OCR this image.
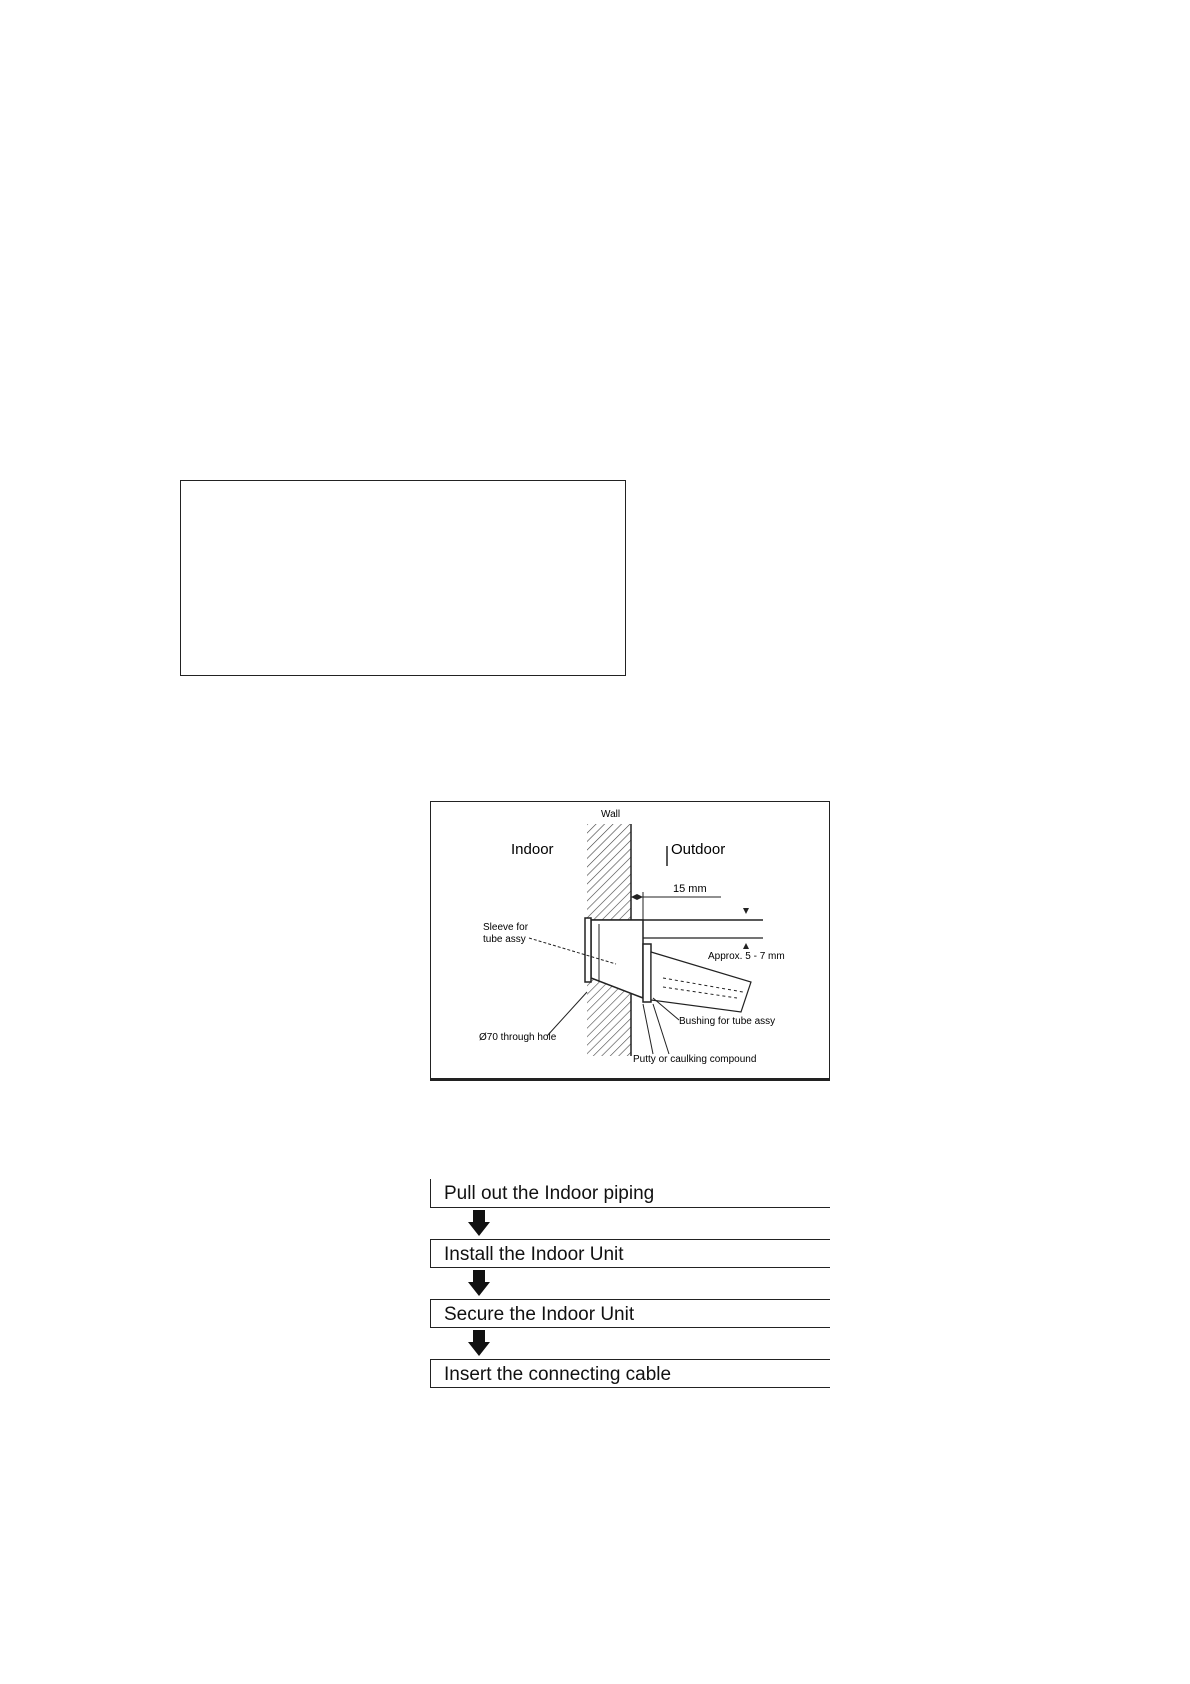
Wall
Indoor	Outdoor
15 mm
Approx. 5 - 7 mm
Sleeve for
tube assy
Ø70 through hole
Bushing for tube assy
Putty or caulking compound
Pull out the Indoor piping
Install the Indoor Unit
Secure the Indoor Unit
Insert the connecting cable
